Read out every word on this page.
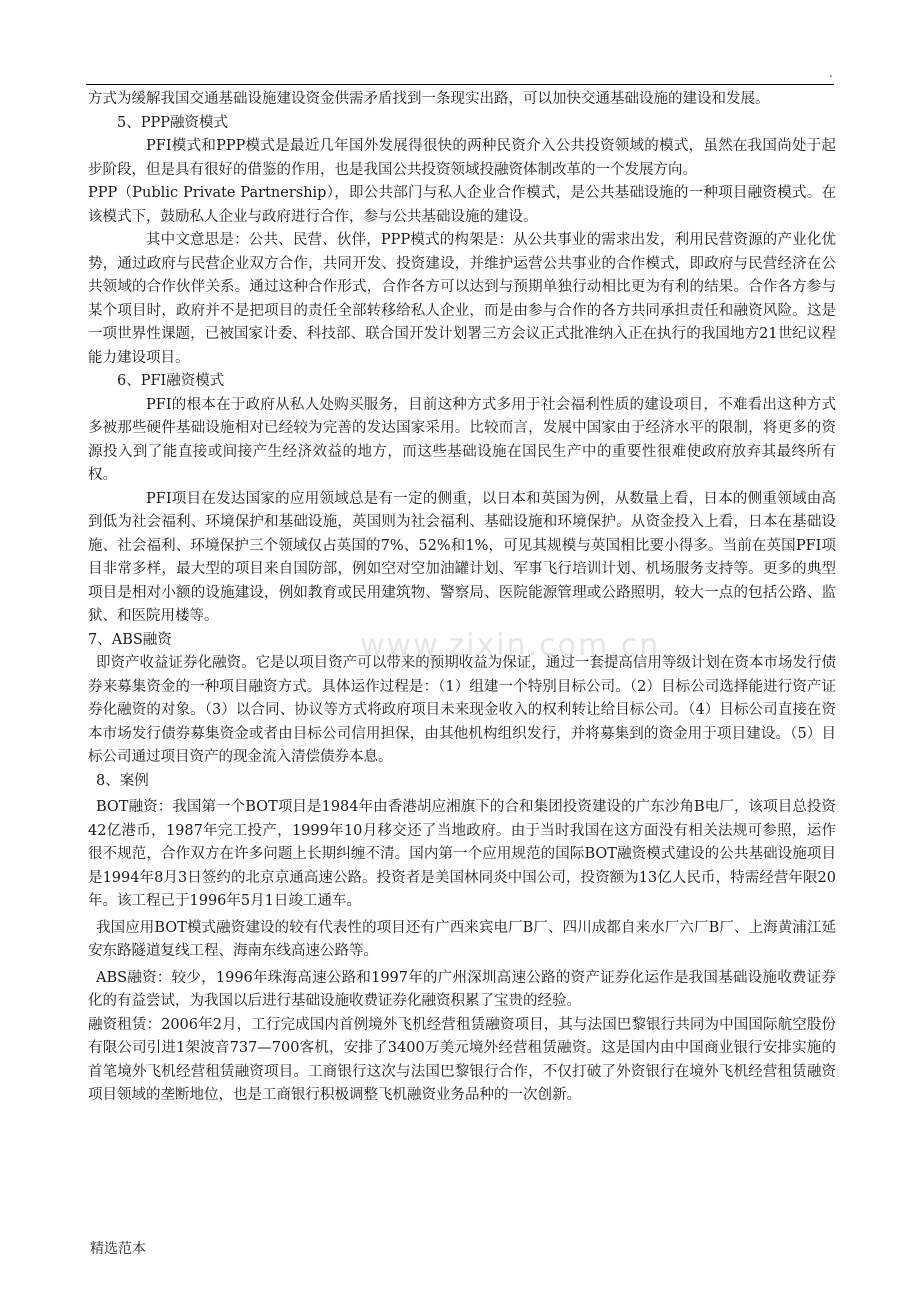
.

方式为缓解我国交通基础设施建设资金供需矛盾找到一条现实出路，可以加快交通基础设施的建设和发展。

5、PPP融资模式

PFI模式和PPP模式是最近几年国外发展得很快的两种民资介入公共投资领域的模式，虽然在我国尚处于起步阶段，但是具有很好的借鉴的作用，也是我国公共投资领域投融资体制改革的一个发展方向。

PPP（Public Private Partnership），即公共部门与私人企业合作模式，是公共基础设施的一种项目融资模式。在该模式下，鼓励私人企业与政府进行合作，参与公共基础设施的建设。

其中文意思是：公共、民营、伙伴，PPP模式的构架是：从公共事业的需求出发，利用民营资源的产业化优势，通过政府与民营企业双方合作，共同开发、投资建设，并维护运营公共事业的合作模式，即政府与民营经济在公共领域的合作伙伴关系。通过这种合作形式，合作各方可以达到与预期单独行动相比更为有利的结果。合作各方参与某个项目时，政府并不是把项目的责任全部转移给私人企业，而是由参与合作的各方共同承担责任和融资风险。这是一项世界性课题，已被国家计委、科技部、联合国开发计划署三方会议正式批准纳入正在执行的我国地方21世纪议程能力建设项目。

6、PFI融资模式

PFI的根本在于政府从私人处购买服务，目前这种方式多用于社会福利性质的建设项目，不难看出这种方式多被那些硬件基础设施相对已经较为完善的发达国家采用。比较而言，发展中国家由于经济水平的限制，将更多的资源投入到了能直接或间接产生经济效益的地方，而这些基础设施在国民生产中的重要性很难使政府放弃其最终所有权。

PFI项目在发达国家的应用领域总是有一定的侧重，以日本和英国为例，从数量上看，日本的侧重领域由高到低为社会福利、环境保护和基础设施，英国则为社会福利、基础设施和环境保护。从资金投入上看，日本在基础设施、社会福利、环境保护三个领域仅占英国的7%、52%和1%，可见其规模与英国相比要小得多。当前在英国PFI项目非常多样，最大型的项目来自国防部，例如空对空加油罐计划、军事飞行培训计划、机场服务支持等。更多的典型项目是相对小额的设施建设，例如教育或民用建筑物、警察局、医院能源管理或公路照明，较大一点的包括公路、监狱、和医院用楼等。

7、ABS融资

即资产收益证券化融资。它是以项目资产可以带来的预期收益为保证，通过一套提高信用等级计划在资本市场发行债券来募集资金的一种项目融资方式。具体运作过程是：（1）组建一个特别目标公司。（2）目标公司选择能进行资产证券化融资的对象。（3）以合同、协议等方式将政府项目未来现金收入的权利转让给目标公司。（4）目标公司直接在资本市场发行债券募集资金或者由目标公司信用担保，由其他机构组织发行，并将募集到的资金用于项目建设。（5）目标公司通过项目资产的现金流入清偿债券本息。

8、案例

BOT融资：我国第一个BOT项目是1984年由香港胡应湘旗下的合和集团投资建设的广东沙角B电厂，该项目总投资42亿港币，1987年完工投产，1999年10月移交还了当地政府。由于当时我国在这方面没有相关法规可参照，运作很不规范，合作双方在许多问题上长期纠缠不清。国内第一个应用规范的国际BOT融资模式建设的公共基础设施项目是1994年8月3日签约的北京京通高速公路。投资者是美国林同炎中国公司，投资额为13亿人民币，特需经营年限20年。该工程已于1996年5月1日竣工通车。

我国应用BOT模式融资建设的较有代表性的项目还有广西来宾电厂B厂、四川成都自来水厂六厂B厂、上海黄浦江延安东路隧道复线工程、海南东线高速公路等。

ABS融资：较少，1996年珠海高速公路和1997年的广州深圳高速公路的资产证券化运作是我国基础设施收费证券化的有益尝试，为我国以后进行基础设施收费证券化融资积累了宝贵的经验。

融资租赁：2006年2月，工行完成国内首例境外飞机经营租赁融资项目，其与法国巴黎银行共同为中国国际航空股份有限公司引进1架波音737—700客机，安排了3400万美元境外经营租赁融资。这是国内由中国商业银行安排实施的首笔境外飞机经营租赁融资项目。工商银行这次与法国巴黎银行合作，不仅打破了外资银行在境外飞机经营租赁融资项目领域的垄断地位，也是工商银行积极调整飞机融资业务品种的一次创新。

www.zixin.com.cn
精选范本
